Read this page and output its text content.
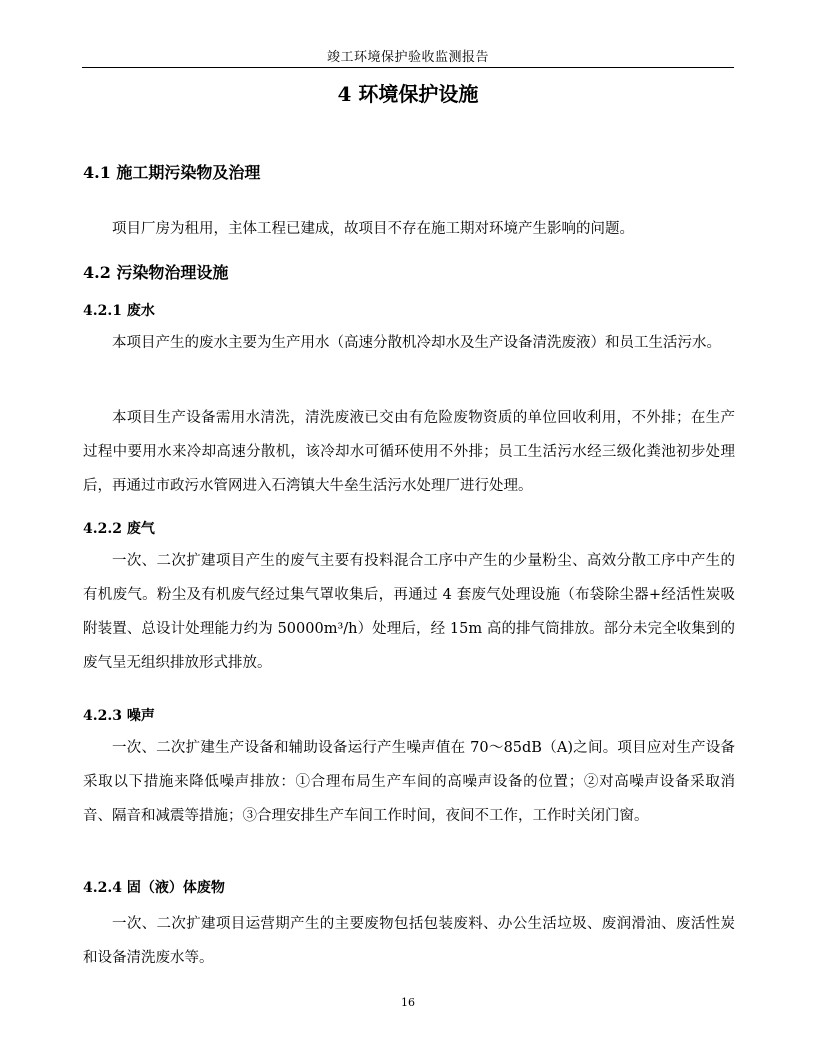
竣工环境保护验收监测报告
4 环境保护设施
4.1 施工期污染物及治理

项目厂房为租用，主体工程已建成，故项目不存在施工期对环境产生影响的问题。

4.2 污染物治理设施
4.2.1 废水

本项目产生的废水主要为生产用水（高速分散机冷却水及生产设备清洗废液）和员工生活污水。

本项目生产设备需用水清洗，清洗废液已交由有危险废物资质的单位回收利用，不外排；在生产过程中要用水来冷却高速分散机，该冷却水可循环使用不外排；员工生活污水经三级化粪池初步处理后，再通过市政污水管网进入石湾镇大牛垒生活污水处理厂进行处理。

4.2.2 废气

一次、二次扩建项目产生的废气主要有投料混合工序中产生的少量粉尘、高效分散工序中产生的有机废气。粉尘及有机废气经过集气罩收集后，再通过 4 套废气处理设施（布袋除尘器+经活性炭吸附装置、总设计处理能力约为 50000m³/h）处理后，经 15m 高的排气筒排放。部分未完全收集到的废气呈无组织排放形式排放。

4.2.3 噪声

一次、二次扩建生产设备和辅助设备运行产生噪声值在 70～85dB（A)之间。项目应对生产设备采取以下措施来降低噪声排放：①合理布局生产车间的高噪声设备的位置；②对高噪声设备采取消音、隔音和减震等措施；③合理安排生产车间工作时间，夜间不工作，工作时关闭门窗。

4.2.4 固（液）体废物

一次、二次扩建项目运营期产生的主要废物包括包装废料、办公生活垃圾、废润滑油、废活性炭和设备清洗废水等。

16
